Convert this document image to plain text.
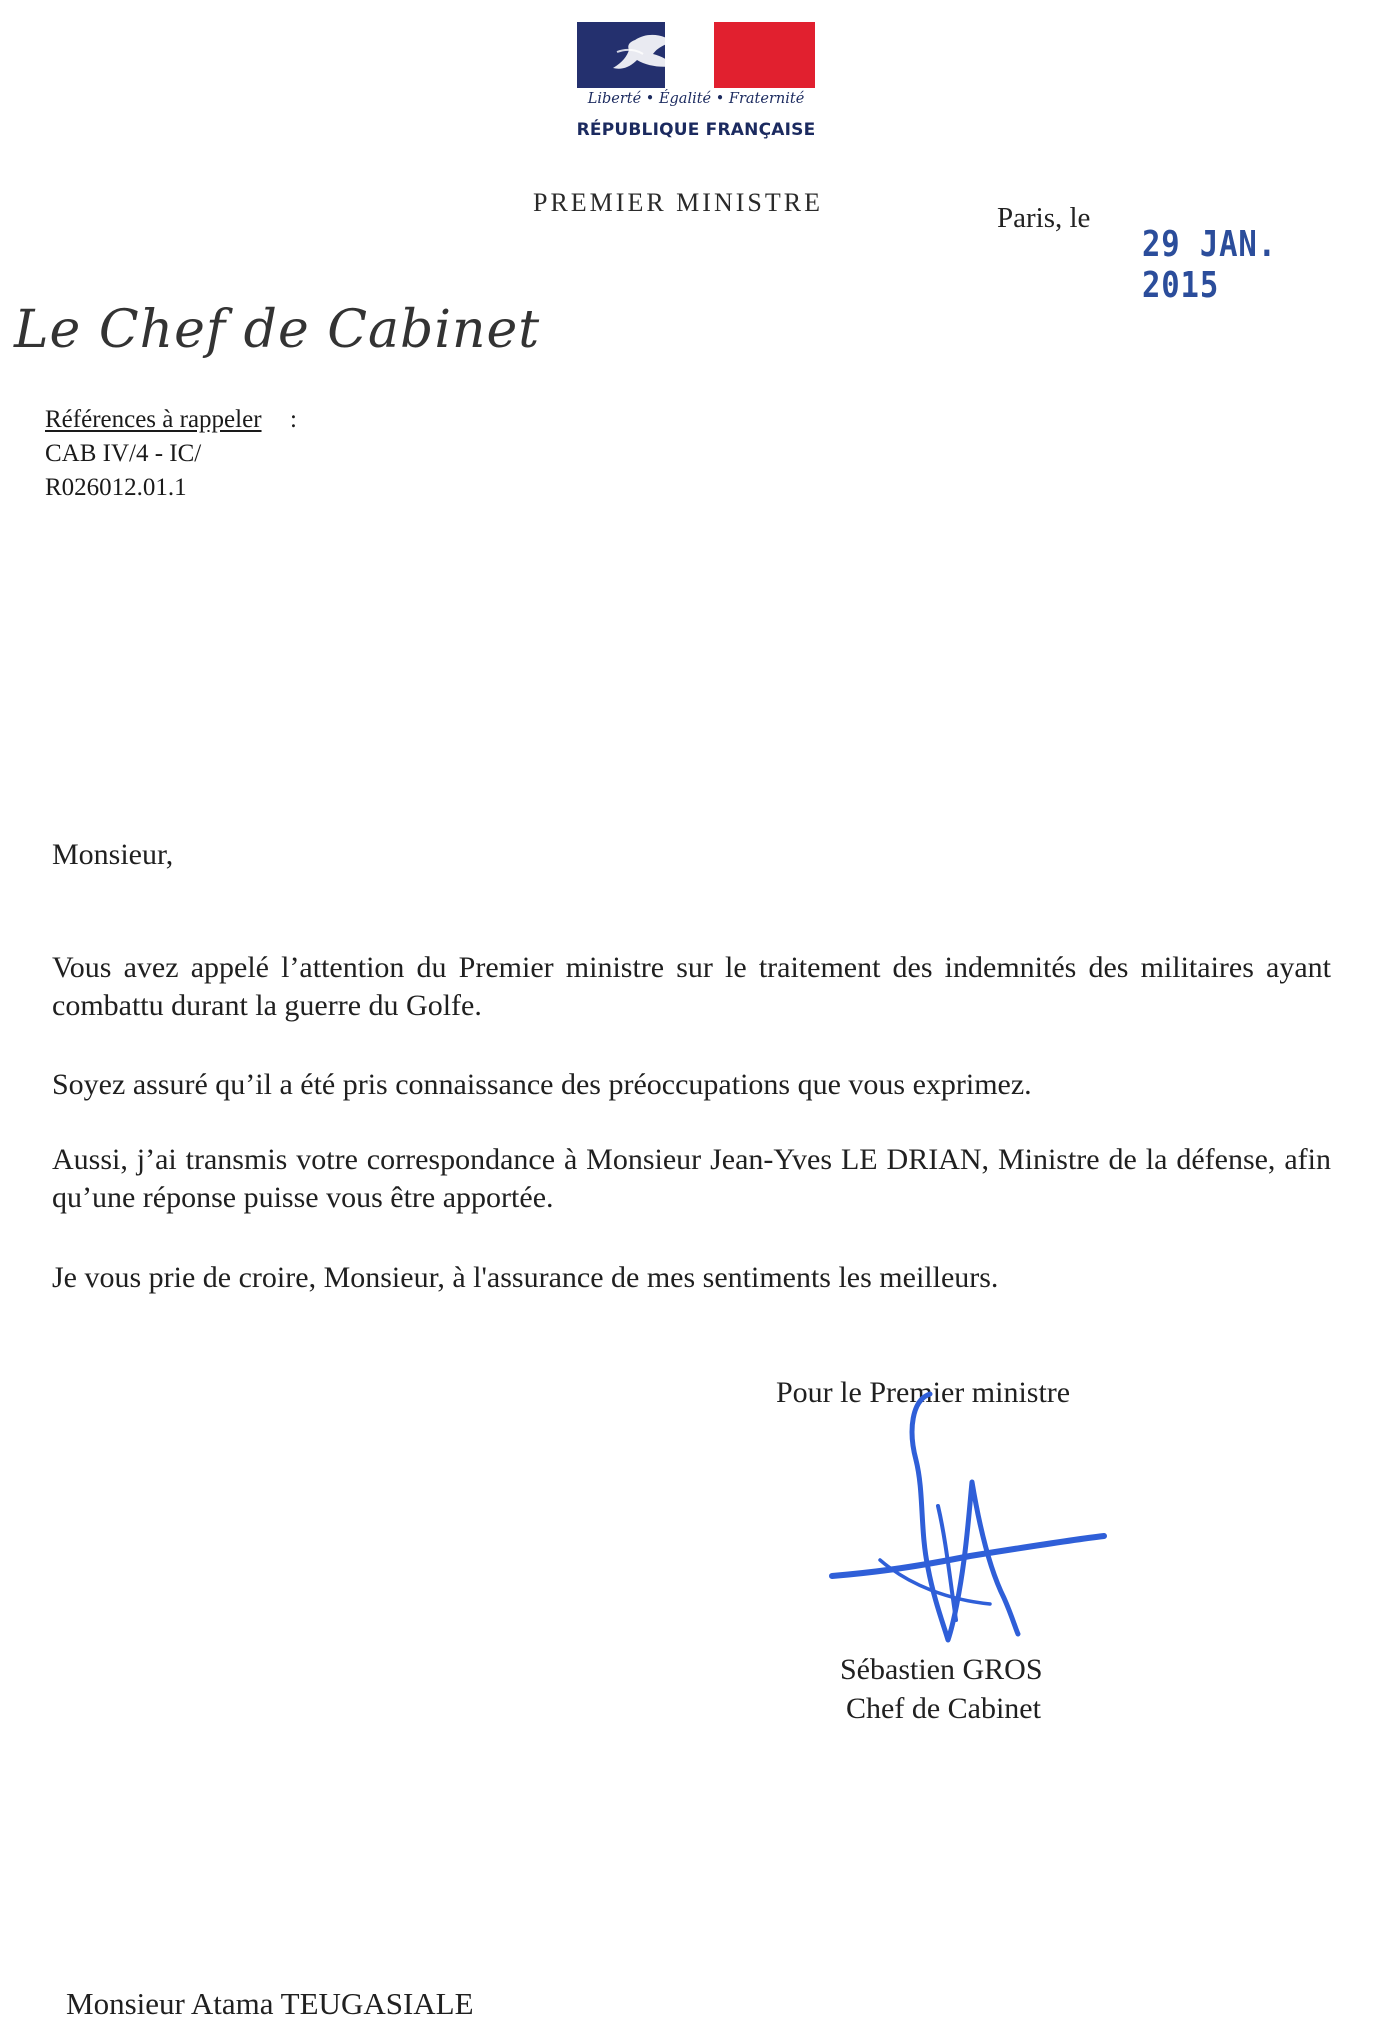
Liberté • Égalité • Fraternité
RÉPUBLIQUE FRANÇAISE
PREMIER MINISTRE	Paris, le
29 JAN. 2015
Le Chef de Cabinet
Références à rappeler :
CAB IV/4 - IC/
R026012.01.1
Monsieur,
Vous avez appelé l’attention du Premier ministre sur le traitement des indemnités des militaires ayant combattu durant la guerre du Golfe.
Soyez assuré qu’il a été pris connaissance des préoccupations que vous exprimez.
Aussi, j’ai transmis votre correspondance à Monsieur Jean-Yves LE DRIAN, Ministre de la défense, afin qu’une réponse puisse vous être apportée.
Je vous prie de croire, Monsieur, à l'assurance de mes sentiments les meilleurs.
Pour le Premier ministre
Sébastien GROS
Chef de Cabinet
Monsieur Atama TEUGASIALE
